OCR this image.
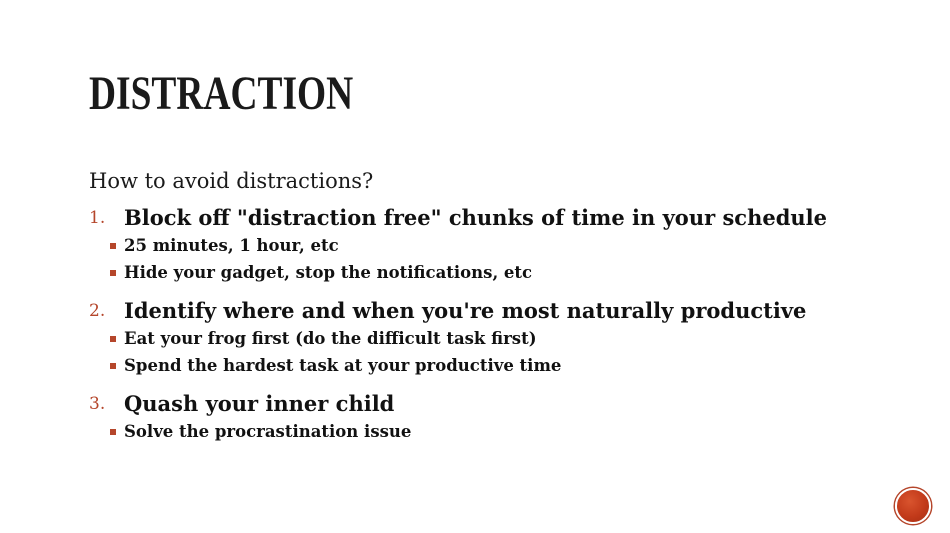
DISTRACTION

How to avoid distractions?

1. Block off "distraction free" chunks of time in your schedule
25 minutes, 1 hour, etc
Hide your gadget, stop the notifications, etc
2. Identify where and when you're most naturally productive
Eat your frog first (do the difficult task first)
Spend the hardest task at your productive time
3. Quash your inner child
Solve the procrastination issue
